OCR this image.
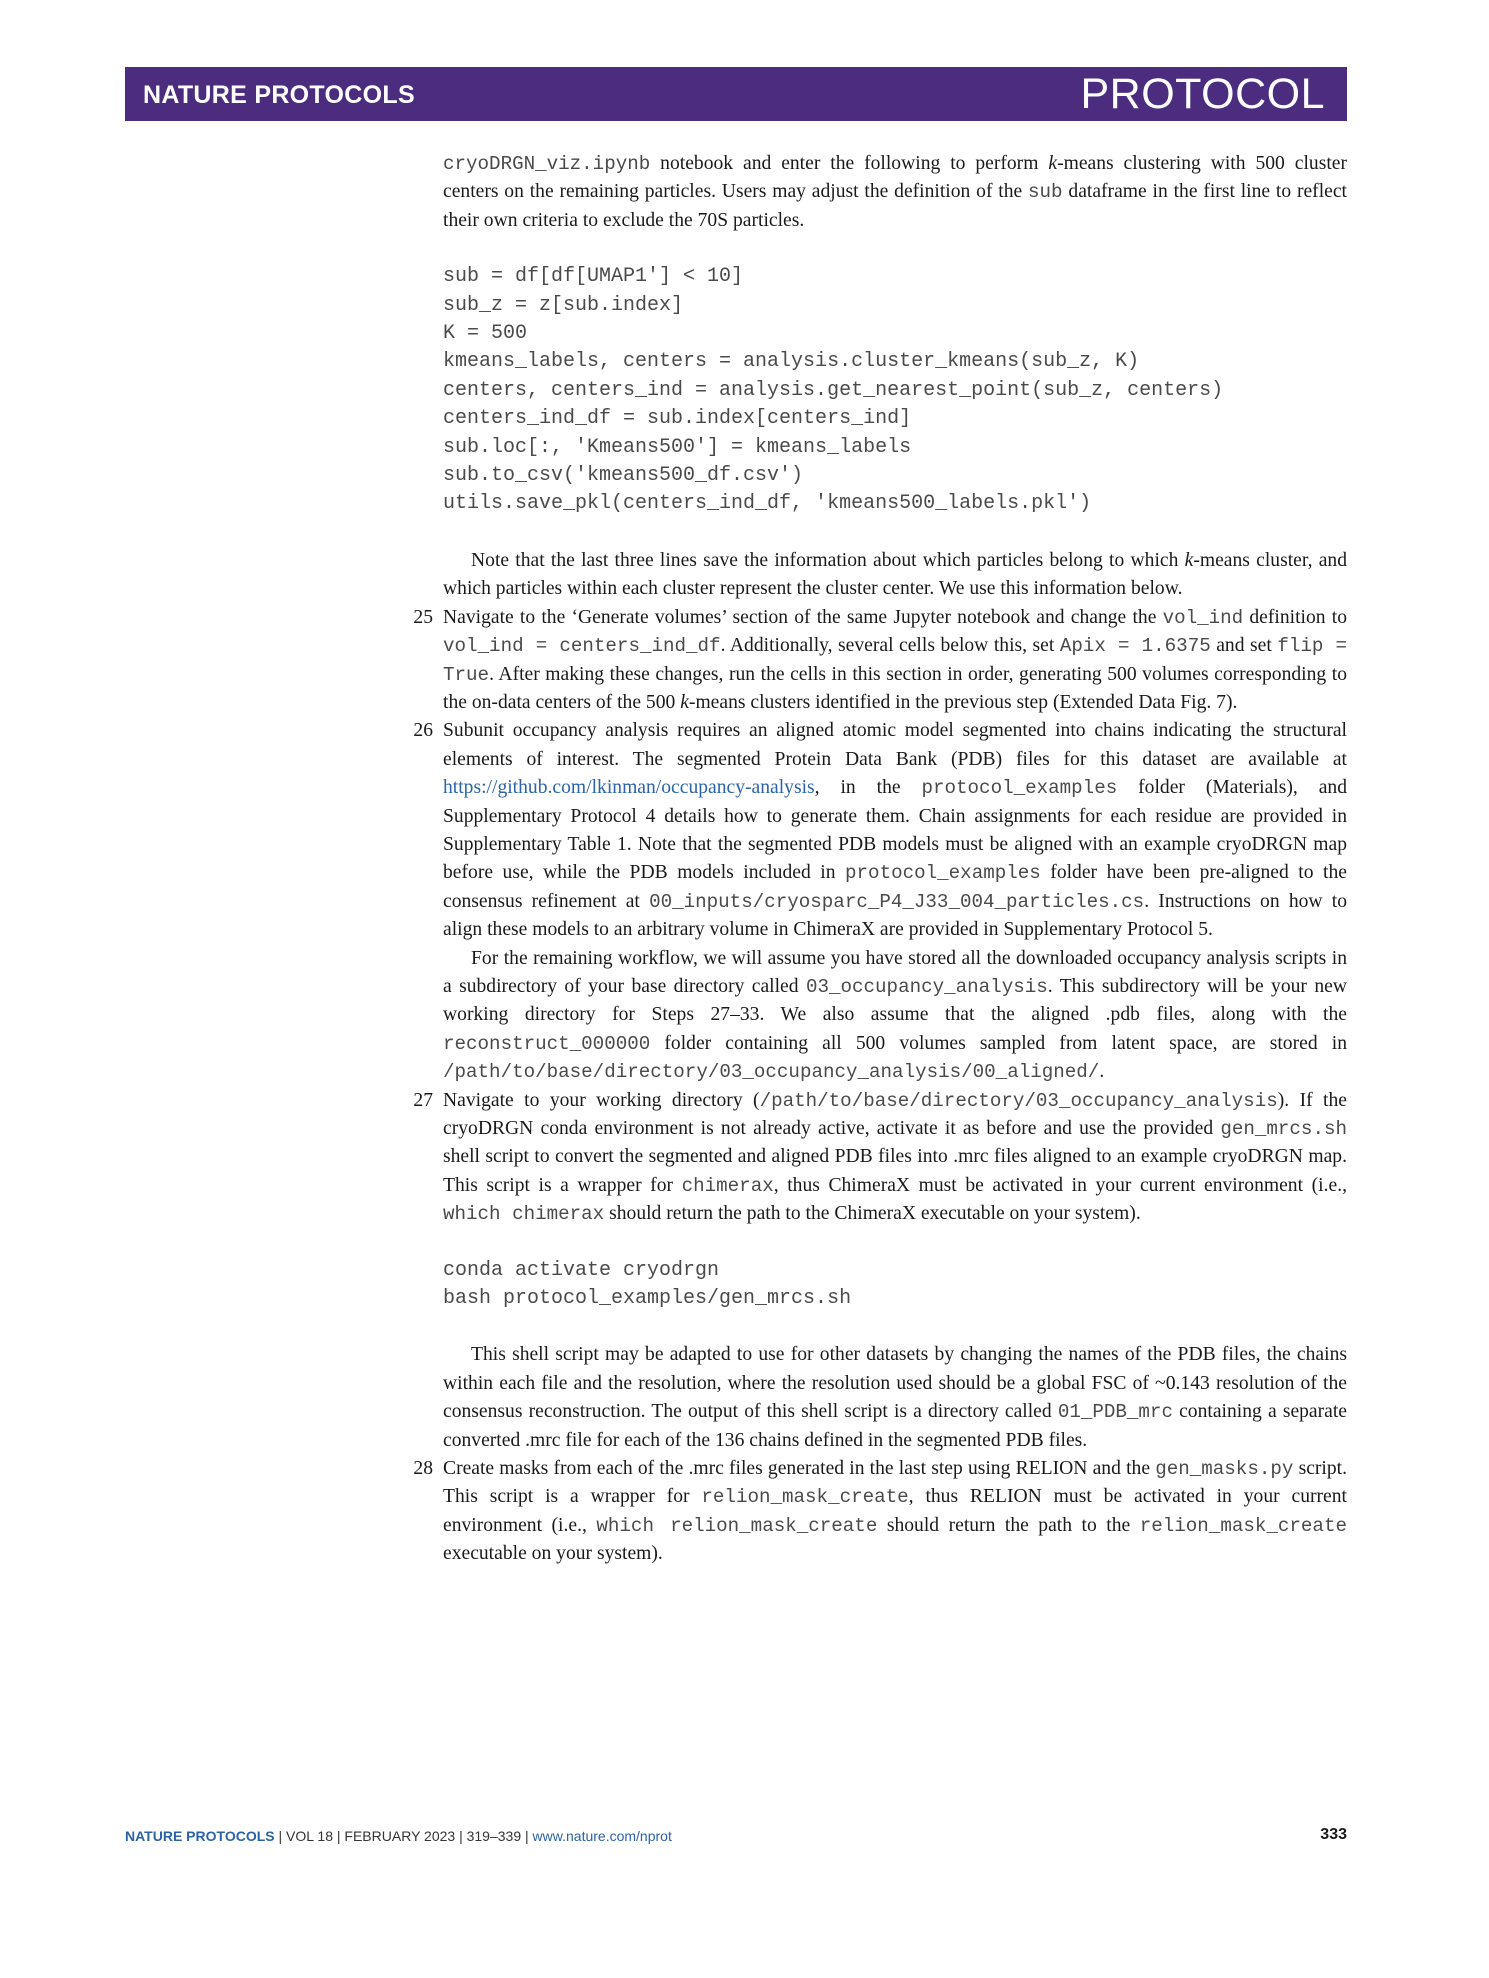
NATURE PROTOCOLS	PROTOCOL

cryoDRGN_viz.ipynb notebook and enter the following to perform k-means clustering with 500 cluster centers on the remaining particles. Users may adjust the definition of the sub dataframe in the first line to reflect their own criteria to exclude the 70S particles.

sub = df[df[UMAP1'] < 10]
sub_z = z[sub.index]
K = 500
kmeans_labels, centers = analysis.cluster_kmeans(sub_z, K)
centers, centers_ind = analysis.get_nearest_point(sub_z, centers)
centers_ind_df = sub.index[centers_ind]
sub.loc[:, 'Kmeans500'] = kmeans_labels
sub.to_csv('kmeans500_df.csv')
utils.save_pkl(centers_ind_df, 'kmeans500_labels.pkl')

Note that the last three lines save the information about which particles belong to which k-means cluster, and which particles within each cluster represent the cluster center. We use this information below.

25 Navigate to the ‘Generate volumes’ section of the same Jupyter notebook and change the vol_ind definition to vol_ind = centers_ind_df. Additionally, several cells below this, set Apix = 1.6375 and set flip = True. After making these changes, run the cells in this section in order, generating 500 volumes corresponding to the on-data centers of the 500 k-means clusters identified in the previous step (Extended Data Fig. 7).

26 Subunit occupancy analysis requires an aligned atomic model segmented into chains indicating the structural elements of interest. The segmented Protein Data Bank (PDB) files for this dataset are available at https://github.com/lkinman/occupancy-analysis, in the protocol_examples folder (Materials), and Supplementary Protocol 4 details how to generate them. Chain assignments for each residue are provided in Supplementary Table 1. Note that the segmented PDB models must be aligned with an example cryoDRGN map before use, while the PDB models included in protocol_examples folder have been pre-aligned to the consensus refinement at 00_inputs/cryosparc_P4_J33_004_particles.cs. Instructions on how to align these models to an arbitrary volume in ChimeraX are provided in Supplementary Protocol 5.

For the remaining workflow, we will assume you have stored all the downloaded occupancy analysis scripts in a subdirectory of your base directory called 03_occupancy_analysis. This subdirectory will be your new working directory for Steps 27–33. We also assume that the aligned .pdb files, along with the reconstruct_000000 folder containing all 500 volumes sampled from latent space, are stored in /path/to/base/directory/03_occupancy_analysis/00_aligned/.

27 Navigate to your working directory (/path/to/base/directory/03_occupancy_analysis). If the cryoDRGN conda environment is not already active, activate it as before and use the provided gen_mrcs.sh shell script to convert the segmented and aligned PDB files into .mrc files aligned to an example cryoDRGN map. This script is a wrapper for chimerax, thus ChimeraX must be activated in your current environment (i.e., which chimerax should return the path to the ChimeraX executable on your system).

conda activate cryodrgn
bash protocol_examples/gen_mrcs.sh

This shell script may be adapted to use for other datasets by changing the names of the PDB files, the chains within each file and the resolution, where the resolution used should be a global FSC of ~0.143 resolution of the consensus reconstruction. The output of this shell script is a directory called 01_PDB_mrc containing a separate converted .mrc file for each of the 136 chains defined in the segmented PDB files.

28 Create masks from each of the .mrc files generated in the last step using RELION and the gen_masks.py script. This script is a wrapper for relion_mask_create, thus RELION must be activated in your current environment (i.e., which relion_mask_create should return the path to the relion_mask_create executable on your system).

NATURE PROTOCOLS | VOL 18 | FEBRUARY 2023 | 319–339 | www.nature.com/nprot	333
